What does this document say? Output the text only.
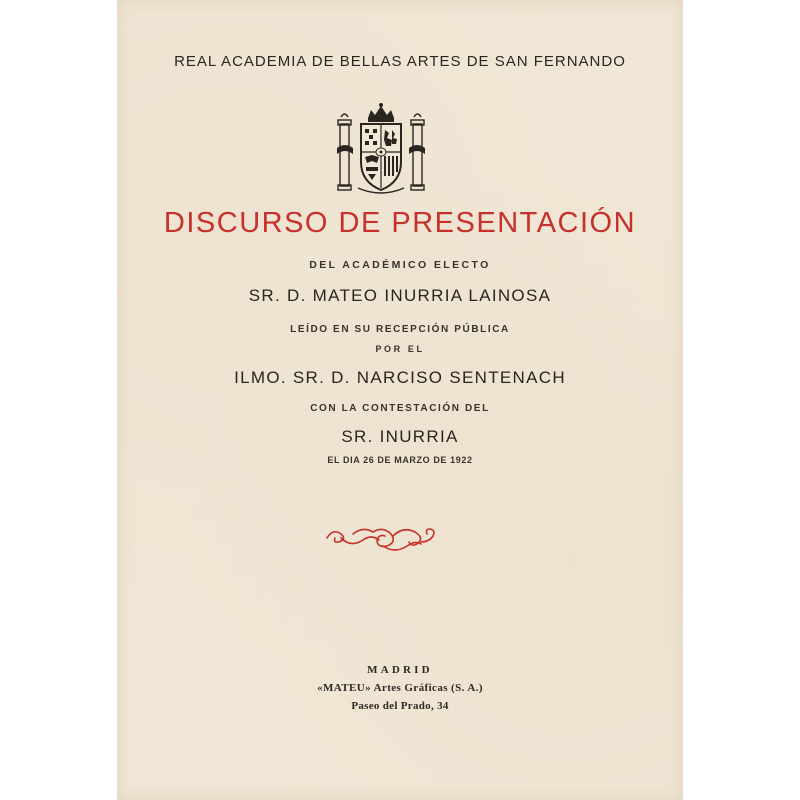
REAL ACADEMIA DE BELLAS ARTES DE SAN FERNANDO
DISCURSO DE PRESENTACIÓN
DEL ACADÉMICO ELECTO
SR. D. MATEO INURRIA LAINOSA
LEÍDO EN SU RECEPCIÓN PÚBLICA
POR EL
ILMO. SR. D. NARCISO SENTENACH
CON LA CONTESTACIÓN DEL
SR. INURRIA
EL DIA 26 DE MARZO DE 1922
MADRID
«MATEU» Artes Gráficas (S. A.)
Paseo del Prado, 34
